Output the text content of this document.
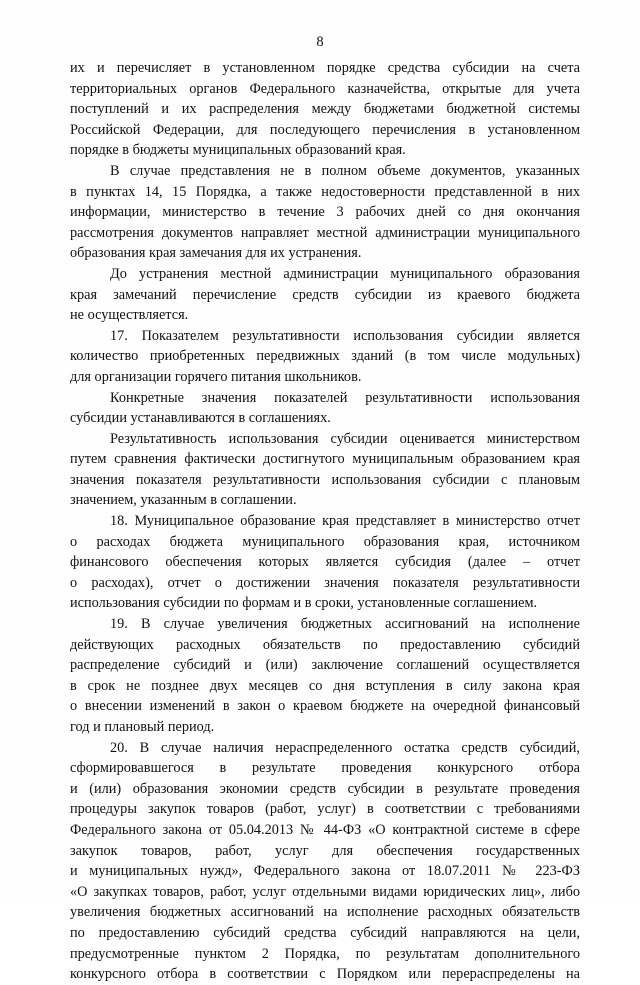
8
их и перечисляет в установленном порядке средства субсидии на счета
территориальных органов Федерального казначейства, открытые для учета
поступлений и их распределения между бюджетами бюджетной системы
Российской Федерации, для последующего перечисления в установленном
порядке в бюджеты муниципальных образований края.
В случае представления не в полном объеме документов, указанных
в пунктах 14, 15 Порядка, а также недостоверности представленной в них
информации, министерство в течение 3 рабочих дней со дня окончания
рассмотрения документов направляет местной администрации муниципального
образования края замечания для их устранения.
До устранения местной администрации муниципального образования
края замечаний перечисление средств субсидии из краевого бюджета
не осуществляется.
17. Показателем результативности использования субсидии является
количество приобретенных передвижных зданий (в том числе модульных)
для организации горячего питания школьников.
Конкретные значения показателей результативности использования
субсидии устанавливаются в соглашениях.
Результативность использования субсидии оценивается министерством
путем сравнения фактически достигнутого муниципальным образованием края
значения показателя результативности использования субсидии с плановым
значением, указанным в соглашении.
18. Муниципальное образование края представляет в министерство отчет
о расходах бюджета муниципального образования края, источником
финансового обеспечения которых является субсидия (далее – отчет
о расходах), отчет о достижении значения показателя результативности
использования субсидии по формам и в сроки, установленные соглашением.
19. В случае увеличения бюджетных ассигнований на исполнение
действующих расходных обязательств по предоставлению субсидий
распределение субсидий и (или) заключение соглашений осуществляется
в срок не позднее двух месяцев со дня вступления в силу закона края
о внесении изменений в закон о краевом бюджете на очередной финансовый
год и плановый период.
20. В случае наличия нераспределенного остатка средств субсидий,
сформировавшегося в результате проведения конкурсного отбора
и (или) образования экономии средств субсидии в результате проведения
процедуры закупок товаров (работ, услуг) в соответствии с требованиями
Федерального закона от 05.04.2013 № 44-ФЗ «О контрактной системе в сфере
закупок товаров, работ, услуг для обеспечения государственных
и муниципальных нужд», Федерального закона от 18.07.2011 № 223-ФЗ
«О закупках товаров, работ, услуг отдельными видами юридических лиц», либо
увеличения бюджетных ассигнований на исполнение расходных обязательств
по предоставлению субсидий средства субсидий направляются на цели,
предусмотренные пунктом 2 Порядка, по результатам дополнительного
конкурсного отбора в соответствии с Порядком или перераспределены на
